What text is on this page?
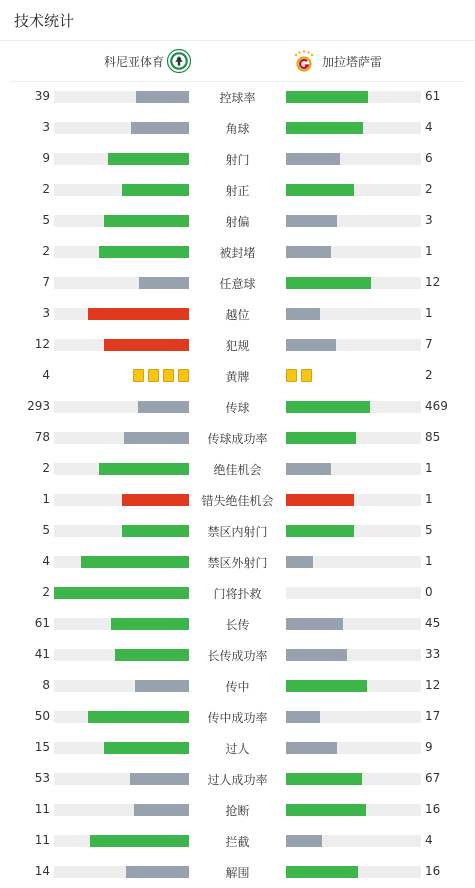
技术统计
科尼亚体育	加拉塔萨雷
39	控球率	61
3	角球	4
9	射门	6
2	射正	2
5	射偏	3
2	被封堵	1
7	任意球	12
3	越位	1
12	犯规	7
4	黄牌	2
293	传球	469
78	传球成功率	85
2	绝佳机会	1
1	错失绝佳机会	1
5	禁区内射门	5
4	禁区外射门	1
2	门将扑救	0
61	长传	45
41	长传成功率	33
8	传中	12
50	传中成功率	17
15	过人	9
53	过人成功率	67
11	抢断	16
11	拦截	4
14	解围	16
